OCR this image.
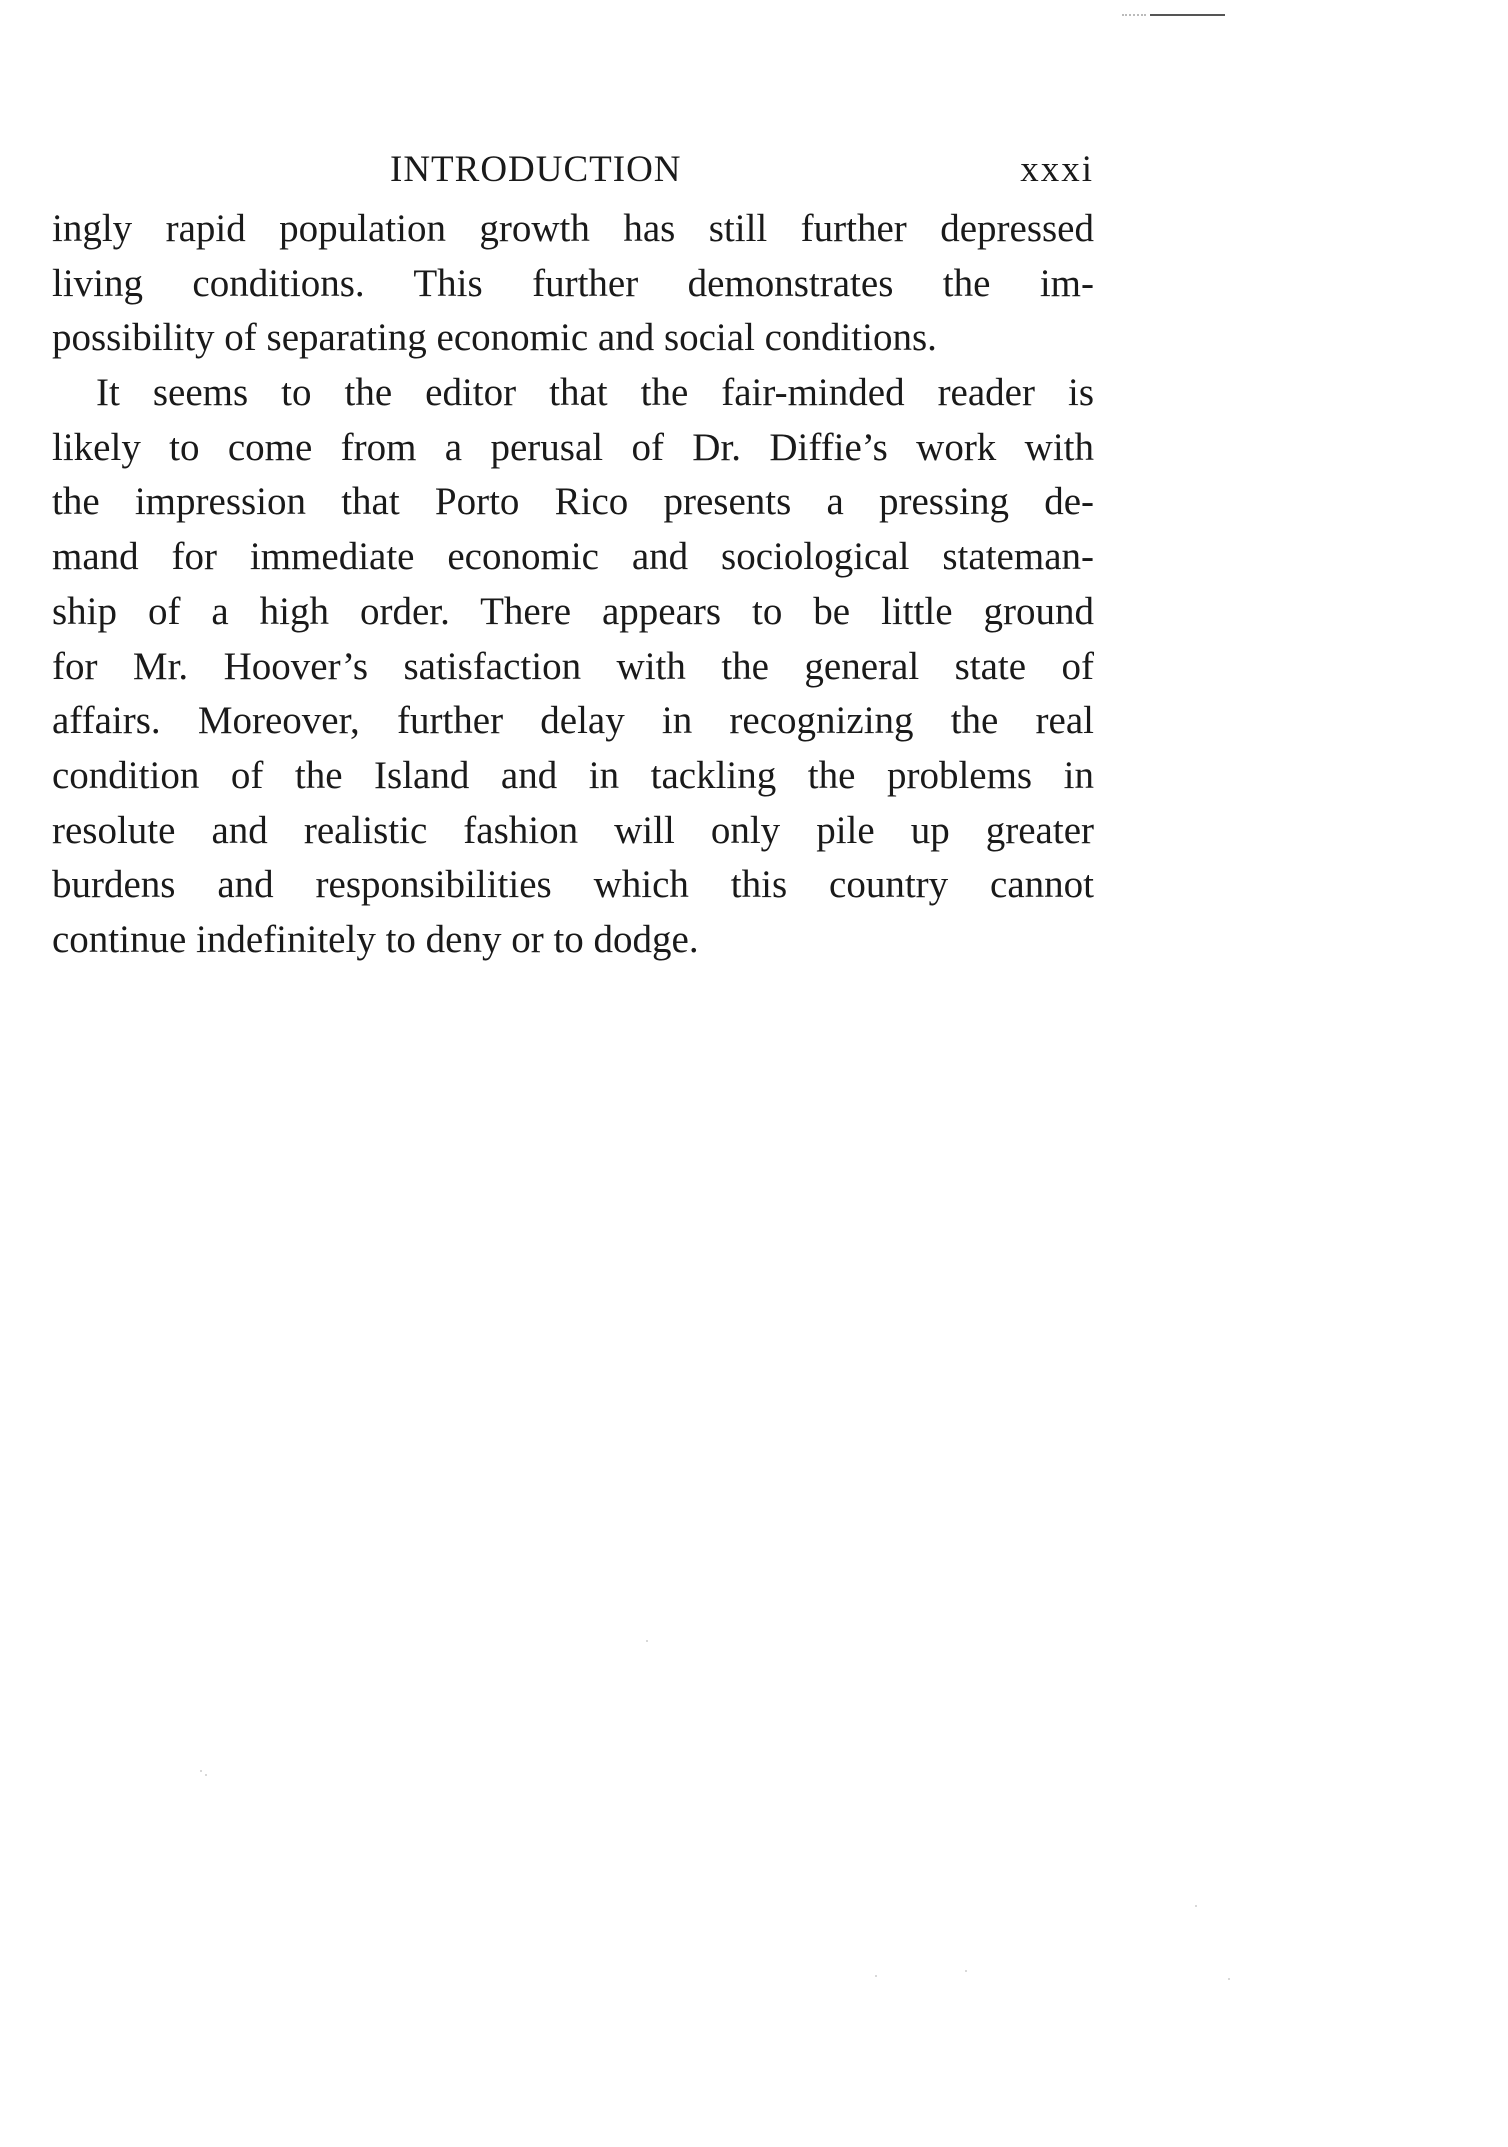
INTRODUCTION	xxxi
ingly rapid population growth has still further depressed
living conditions. This further demonstrates the im-
possibility of separating economic and social conditions.
It seems to the editor that the fair-minded reader is
likely to come from a perusal of Dr. Diffie’s work with
the impression that Porto Rico presents a pressing de-
mand for immediate economic and sociological stateman-
ship of a high order. There appears to be little ground
for Mr. Hoover’s satisfaction with the general state of
affairs. Moreover, further delay in recognizing the real
condition of the Island and in tackling the problems in
resolute and realistic fashion will only pile up greater
burdens and responsibilities which this country cannot
continue indefinitely to deny or to dodge.
